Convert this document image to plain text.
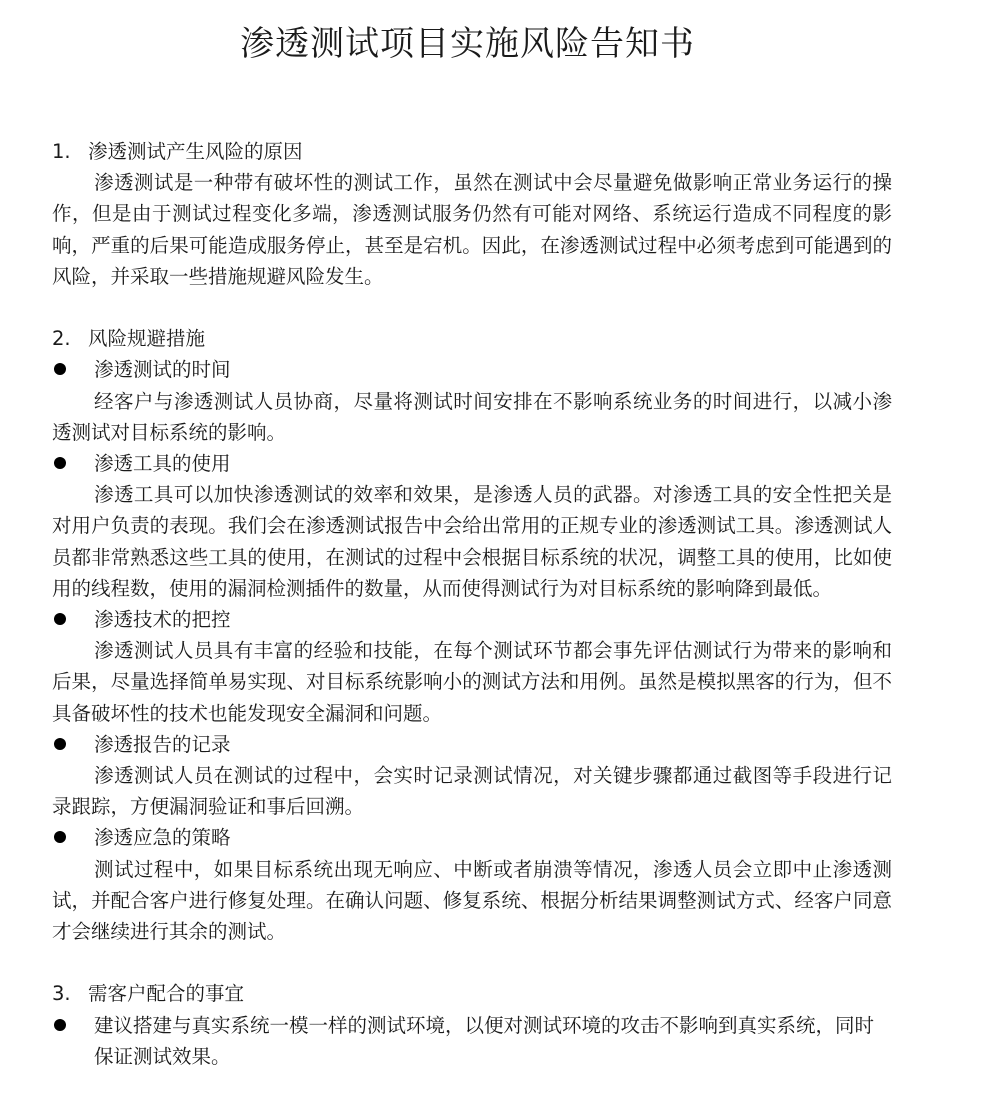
渗透测试项目实施风险告知书
1. 渗透测试产生风险的原因
渗透测试是一种带有破坏性的测试工作，虽然在测试中会尽量避免做影响正常业务运行的操作，但是由于测试过程变化多端，渗透测试服务仍然有可能对网络、系统运行造成不同程度的影响，严重的后果可能造成服务停止，甚至是宕机。因此，在渗透测试过程中必须考虑到可能遇到的风险，并采取一些措施规避风险发生。
2. 风险规避措施
渗透测试的时间
经客户与渗透测试人员协商，尽量将测试时间安排在不影响系统业务的时间进行，以减小渗透测试对目标系统的影响。
渗透工具的使用
渗透工具可以加快渗透测试的效率和效果，是渗透人员的武器。对渗透工具的安全性把关是对用户负责的表现。我们会在渗透测试报告中会给出常用的正规专业的渗透测试工具。渗透测试人员都非常熟悉这些工具的使用，在测试的过程中会根据目标系统的状况，调整工具的使用，比如使用的线程数，使用的漏洞检测插件的数量，从而使得测试行为对目标系统的影响降到最低。
渗透技术的把控
渗透测试人员具有丰富的经验和技能，在每个测试环节都会事先评估测试行为带来的影响和后果，尽量选择简单易实现、对目标系统影响小的测试方法和用例。虽然是模拟黑客的行为，但不具备破坏性的技术也能发现安全漏洞和问题。
渗透报告的记录
渗透测试人员在测试的过程中，会实时记录测试情况，对关键步骤都通过截图等手段进行记录跟踪，方便漏洞验证和事后回溯。
渗透应急的策略
测试过程中，如果目标系统出现无响应、中断或者崩溃等情况，渗透人员会立即中止渗透测试，并配合客户进行修复处理。在确认问题、修复系统、根据分析结果调整测试方式、经客户同意才会继续进行其余的测试。
3. 需客户配合的事宜
建议搭建与真实系统一模一样的测试环境，以便对测试环境的攻击不影响到真实系统，同时保证测试效果。
